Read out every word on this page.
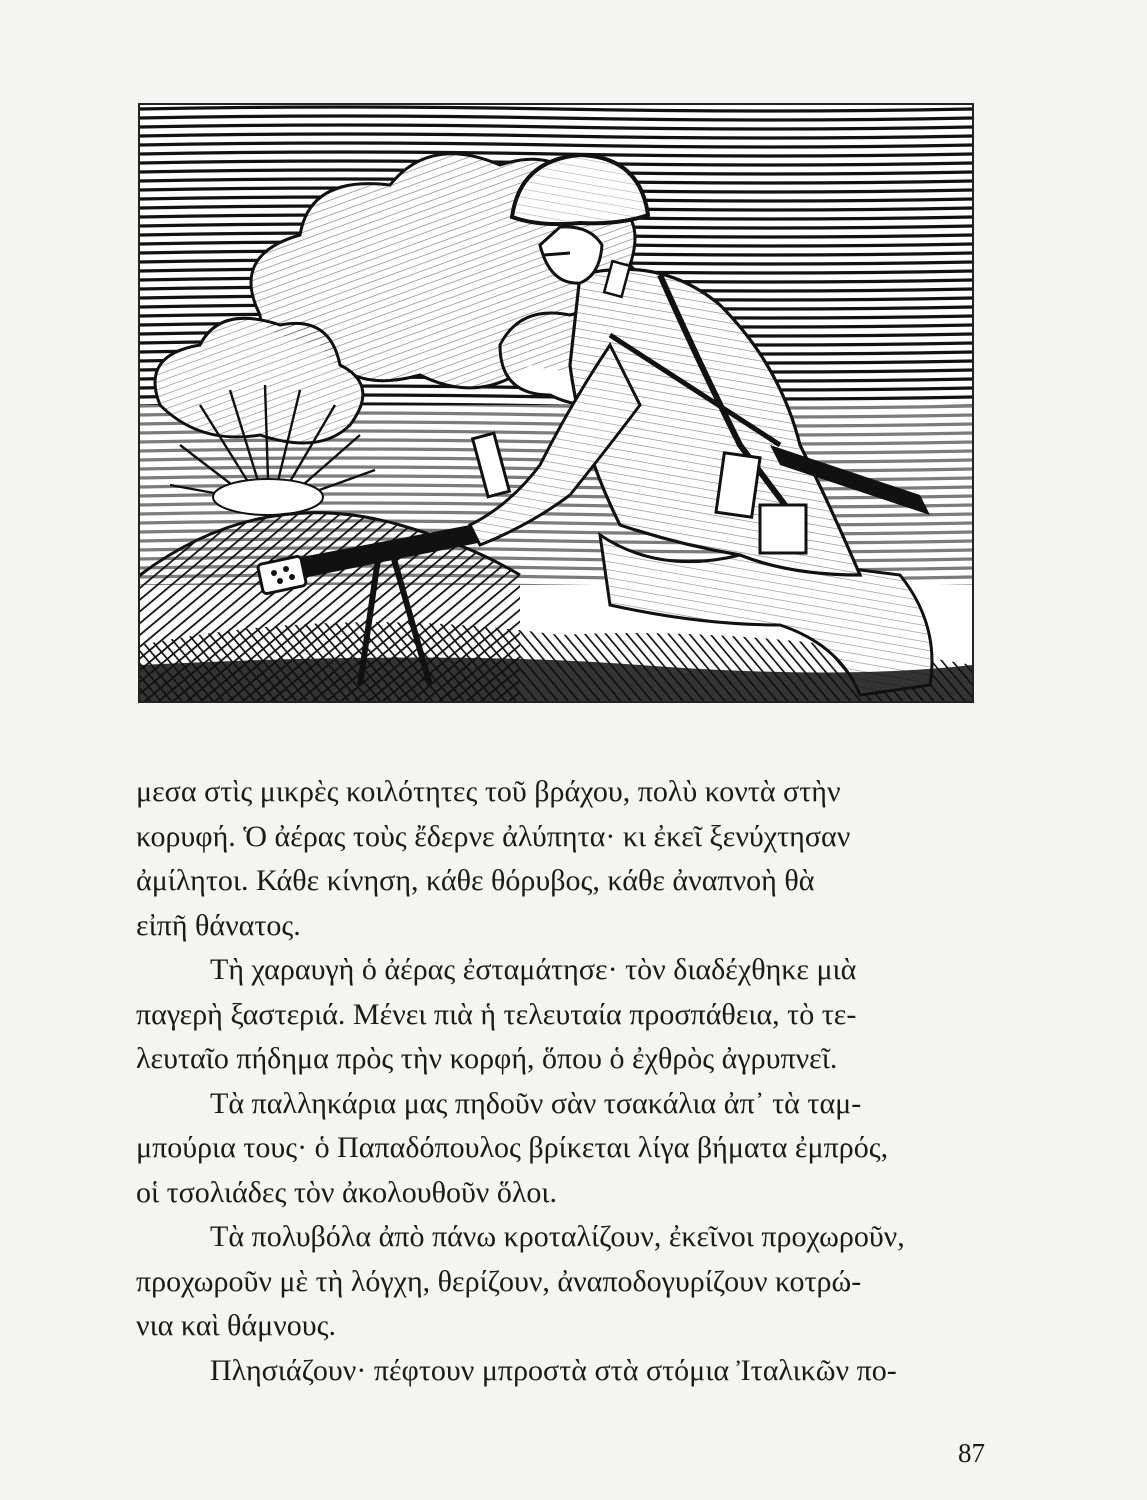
μεσα στὶς μικρὲς κοιλότητες τοῦ βράχου, πολὺ κοντὰ στὴν
κορυφή. Ὁ ἀέρας τοὺς ἔδερνε ἀλύπητα· κι ἐκεῖ ξενύχτησαν
ἀμίλητοι. Κάθε κίνηση, κάθε θόρυβος, κάθε ἀναπνοὴ θὰ
εἰπῆ θάνατος.

Τὴ χαραυγὴ ὁ ἀέρας ἐσταμάτησε· τὸν διαδέχθηκε μιὰ
παγερὴ ξαστεριά. Μένει πιὰ ἡ τελευταία προσπάθεια, τὸ τε-
λευταῖο πήδημα πρὸς τὴν κορφή, ὅπου ὁ ἐχθρὸς ἀγρυπνεῖ.

Τὰ παλληκάρια μας πηδοῦν σὰν τσακάλια ἀπ᾽ τὰ ταμ-
μπούρια τους· ὁ Παπαδόπουλος βρίκεται λίγα βήματα ἐμπρός,
οἱ τσολιάδες τὸν ἀκολουθοῦν ὅλοι.

Τὰ πολυβόλα ἀπὸ πάνω κροταλίζουν, ἐκεῖνοι προχωροῦν,
προχωροῦν μὲ τὴ λόγχη, θερίζουν, ἀναποδογυρίζουν κοτρώ-
νια καὶ θάμνους.

Πλησιάζουν· πέφτουν μπροστὰ στὰ στόμια Ἰταλικῶν πο-

87
